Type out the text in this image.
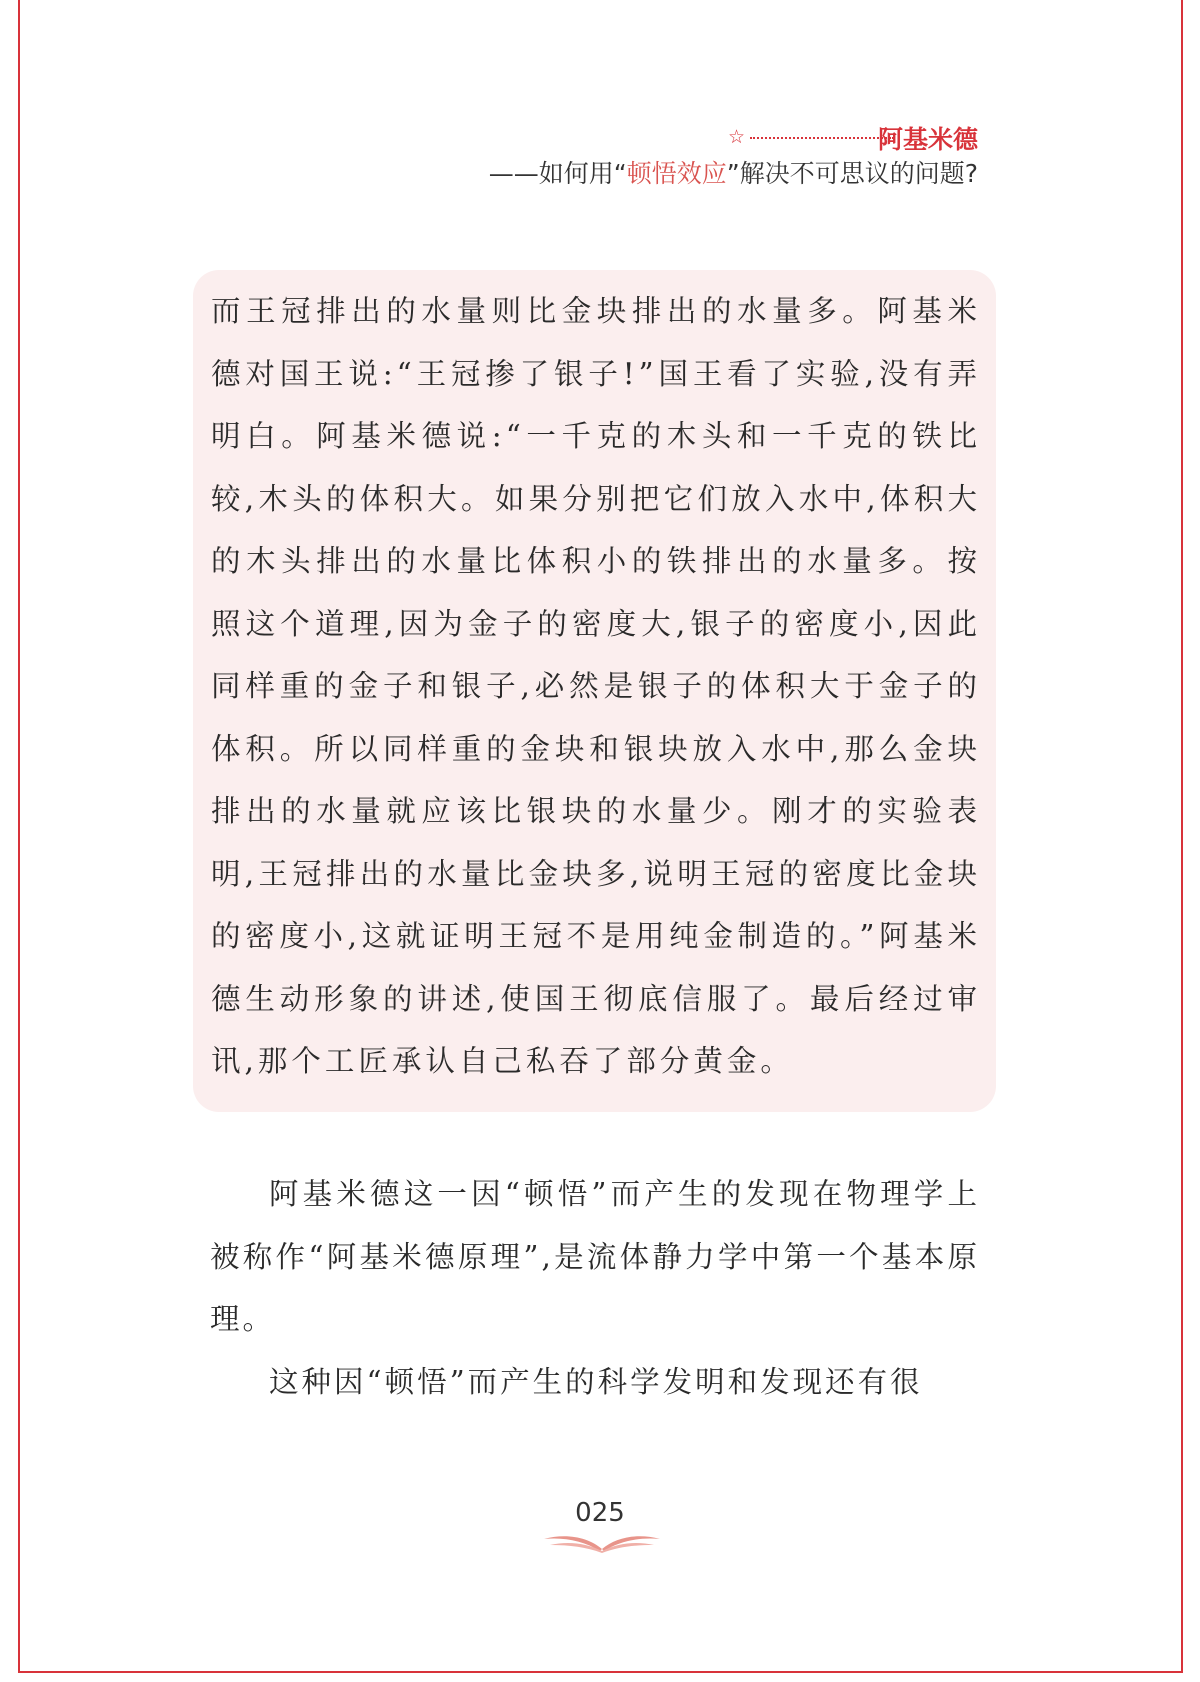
☆	阿基米德
——如何用“顿悟效应”解决不可思议的问题?
而王冠排出的水量则比金块排出的水量多。阿基米德对国王说:“王冠掺了银子!”国王看了实验,没有弄明白。阿基米德说:“一千克的木头和一千克的铁比较,木头的体积大。如果分别把它们放入水中,体积大的木头排出的水量比体积小的铁排出的水量多。按照这个道理,因为金子的密度大,银子的密度小,因此同样重的金子和银子,必然是银子的体积大于金子的体积。所以同样重的金块和银块放入水中,那么金块排出的水量就应该比银块的水量少。刚才的实验表明,王冠排出的水量比金块多,说明王冠的密度比金块的密度小,这就证明王冠不是用纯金制造的。”阿基米德生动形象的讲述,使国王彻底信服了。最后经过审讯,那个工匠承认自己私吞了部分黄金。

阿基米德这一因“顿悟”而产生的发现在物理学上被称作“阿基米德原理”,是流体静力学中第一个基本原理。

这种因“顿悟”而产生的科学发明和发现还有很

025
